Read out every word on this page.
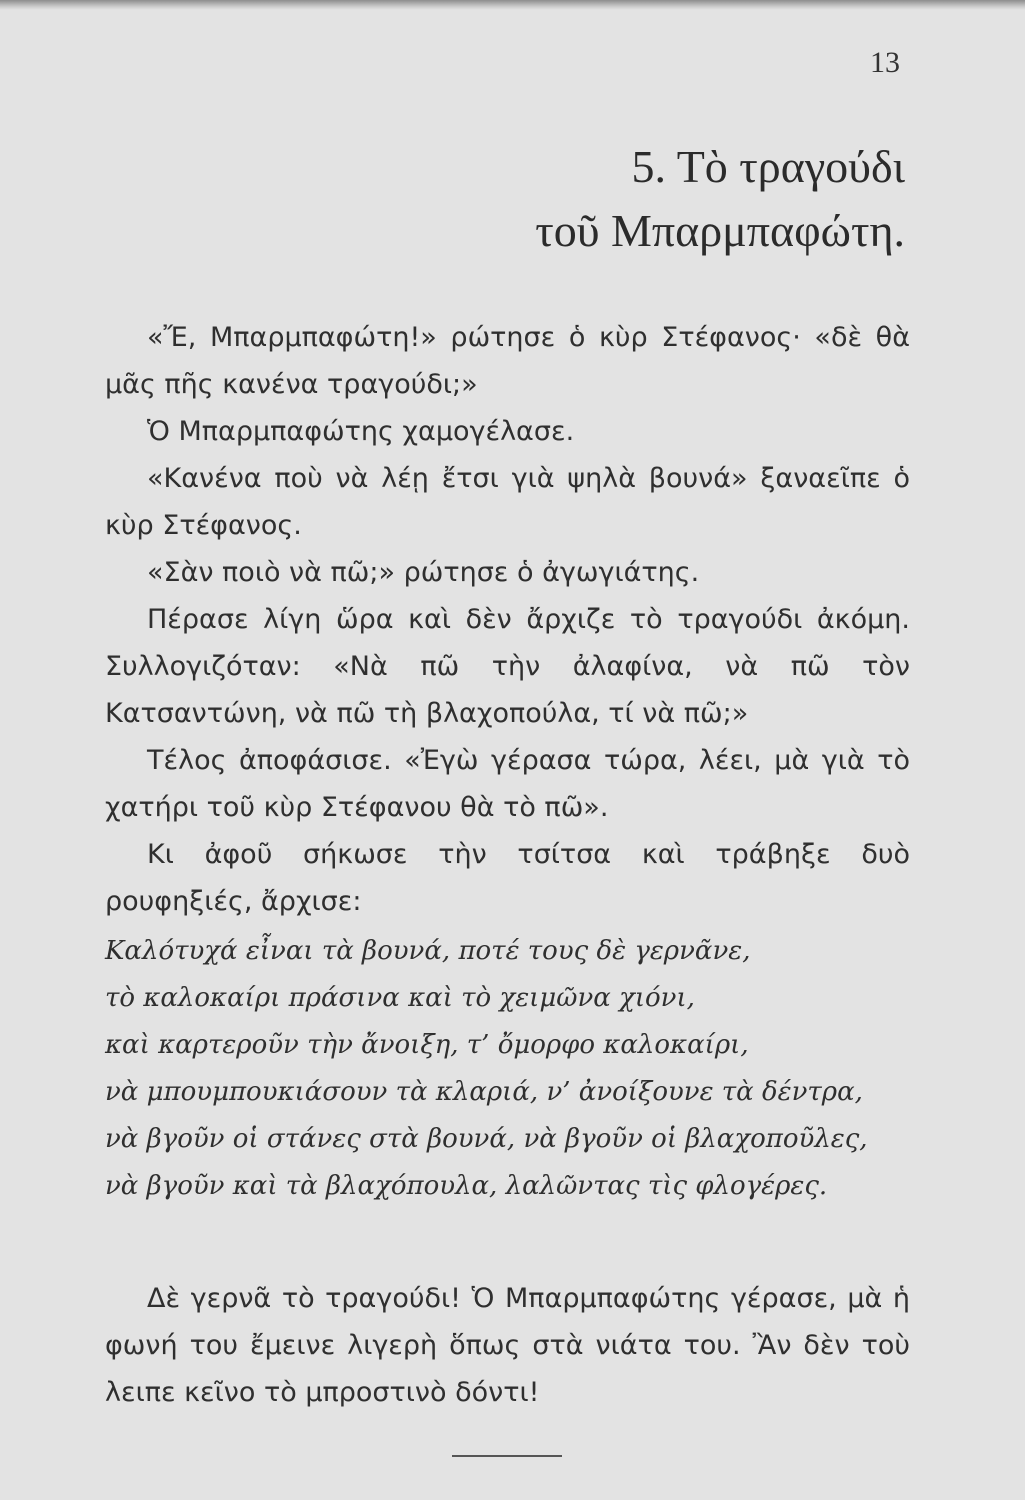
13
5. Τὸ τραγούδι
τοῦ Μπαρμπαφώτη.

«Ἔ, Μπαρμπαφώτη!» ρώτησε ὁ κὺρ Στέφανος· «δὲ θὰ μᾶς πῆς κανένα τραγούδι;»

Ὁ Μπαρμπαφώτης χαμογέλασε.

«Κανένα ποὺ νὰ λέῃ ἔτσι γιὰ ψηλὰ βουνά» ξαναεῖπε ὁ κὺρ Στέφανος.

«Σὰν ποιὸ νὰ πῶ;» ρώτησε ὁ ἀγωγιάτης.

Πέρασε λίγη ὥρα καὶ δὲν ἄρχιζε τὸ τραγούδι ἀκόμη. Συλλογιζόταν: «Νὰ πῶ τὴν ἀλαφίνα, νὰ πῶ τὸν Κατσαντώνη, νὰ πῶ τὴ βλαχοπούλα, τί νὰ πῶ;»

Τέλος ἀποφάσισε. «Ἐγὼ γέρασα τώρα, λέει, μὰ γιὰ τὸ χατήρι τοῦ κὺρ Στέφανου θὰ τὸ πῶ».

Κι ἀφοῦ σήκωσε τὴν τσίτσα καὶ τράβηξε δυὸ ρουφηξιές, ἄρχισε:

Καλότυχά εἶναι τὰ βουνά, ποτέ τους δὲ γερνᾶνε,
τὸ καλοκαίρι πράσινα καὶ τὸ χειμῶνα χιόνι,
καὶ καρτεροῦν τὴν ἄνοιξη, τ’ ὄμορφο καλοκαίρι,
νὰ μπουμπουκιάσουν τὰ κλαριά, ν’ ἀνοίξουνε τὰ δέντρα,
νὰ βγοῦν οἱ στάνες στὰ βουνά, νὰ βγοῦν οἱ βλαχοποῦλες,
νὰ βγοῦν καὶ τὰ βλαχόπουλα, λαλῶντας τὶς φλογέρες.

Δὲ γερνᾶ τὸ τραγούδι! Ὁ Μπαρμπαφώτης γέρασε, μὰ ἡ φωνή του ἔμεινε λιγερὴ ὅπως στὰ νιάτα του. Ἂν δὲν τοὺ λειπε κεῖνο τὸ μπροστινὸ δόντι!
